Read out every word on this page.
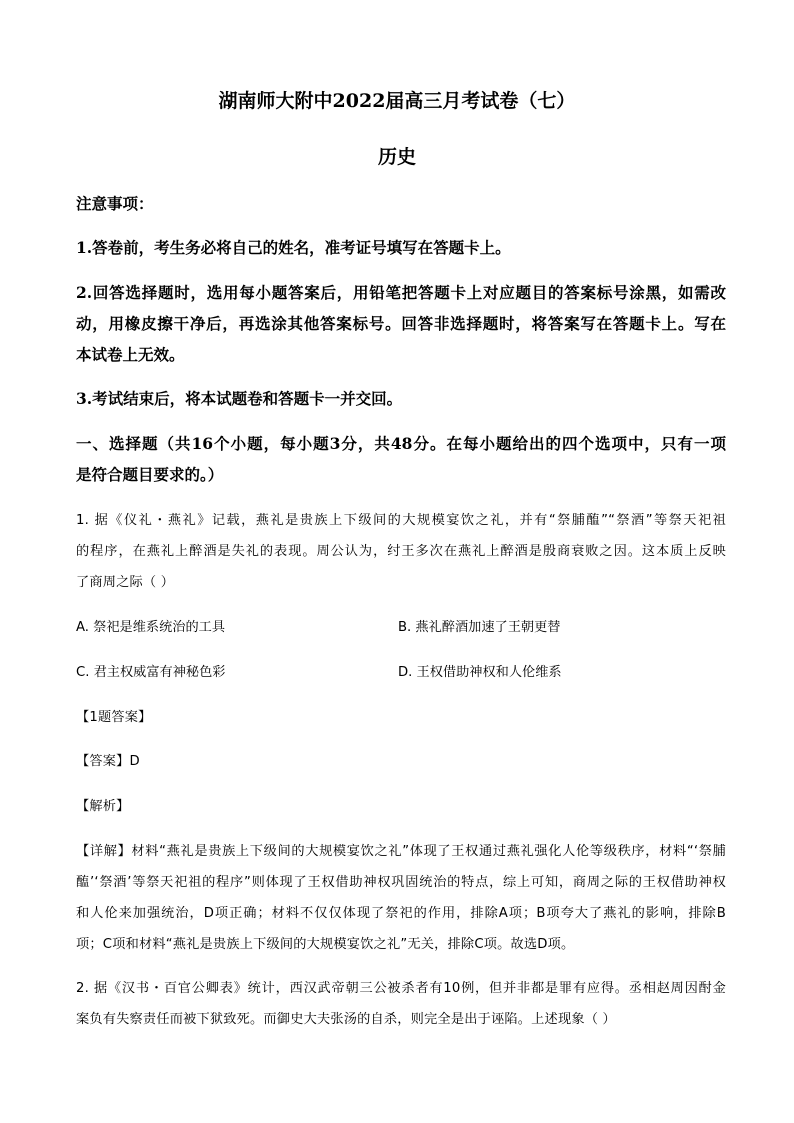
湖南师大附中2022届高三月考试卷（七）
历史
注意事项：
1.答卷前，考生务必将自己的姓名，准考证号填写在答题卡上。
2.回答选择题时，选用每小题答案后，用铅笔把答题卡上对应题目的答案标号涂黑，如需改
动，用橡皮擦干净后，再选涂其他答案标号。回答非选择题时，将答案写在答题卡上。写在
本试卷上无效。
3.考试结束后，将本试题卷和答题卡一并交回。
一、选择题（共16个小题，每小题3分，共48分。在每小题给出的四个选项中，只有一项
是符合题目要求的。）
1. 据《仪礼・燕礼》记载，燕礼是贵族上下级间的大规模宴饮之礼，并有“祭脯醢”“祭酒”等祭天祀祖
的程序，在燕礼上醉酒是失礼的表现。周公认为，纣王多次在燕礼上醉酒是殷商衰败之因。这本质上反映
了商周之际（ ）
A. 祭祀是维系统治的工具	B. 燕礼醉酒加速了王朝更替
C. 君主权威富有神秘色彩	D. 王权借助神权和人伦维系
【1题答案】
【答案】D
【解析】
【详解】材料“燕礼是贵族上下级间的大规模宴饮之礼”体现了王权通过燕礼强化人伦等级秩序，材料“‘祭脯
醢’‘祭酒’等祭天祀祖的程序”则体现了王权借助神权巩固统治的特点，综上可知，商周之际的王权借助神权
和人伦来加强统治，D项正确；材料不仅仅体现了祭祀的作用，排除A项；B项夸大了燕礼的影响，排除B
项；C项和材料“燕礼是贵族上下级间的大规模宴饮之礼”无关，排除C项。故选D项。
2. 据《汉书・百官公卿表》统计，西汉武帝朝三公被杀者有10例，但并非都是罪有应得。丞相赵周因酎金
案负有失察责任而被下狱致死。而御史大夫张汤的自杀，则完全是出于诬陷。上述现象（ ）
